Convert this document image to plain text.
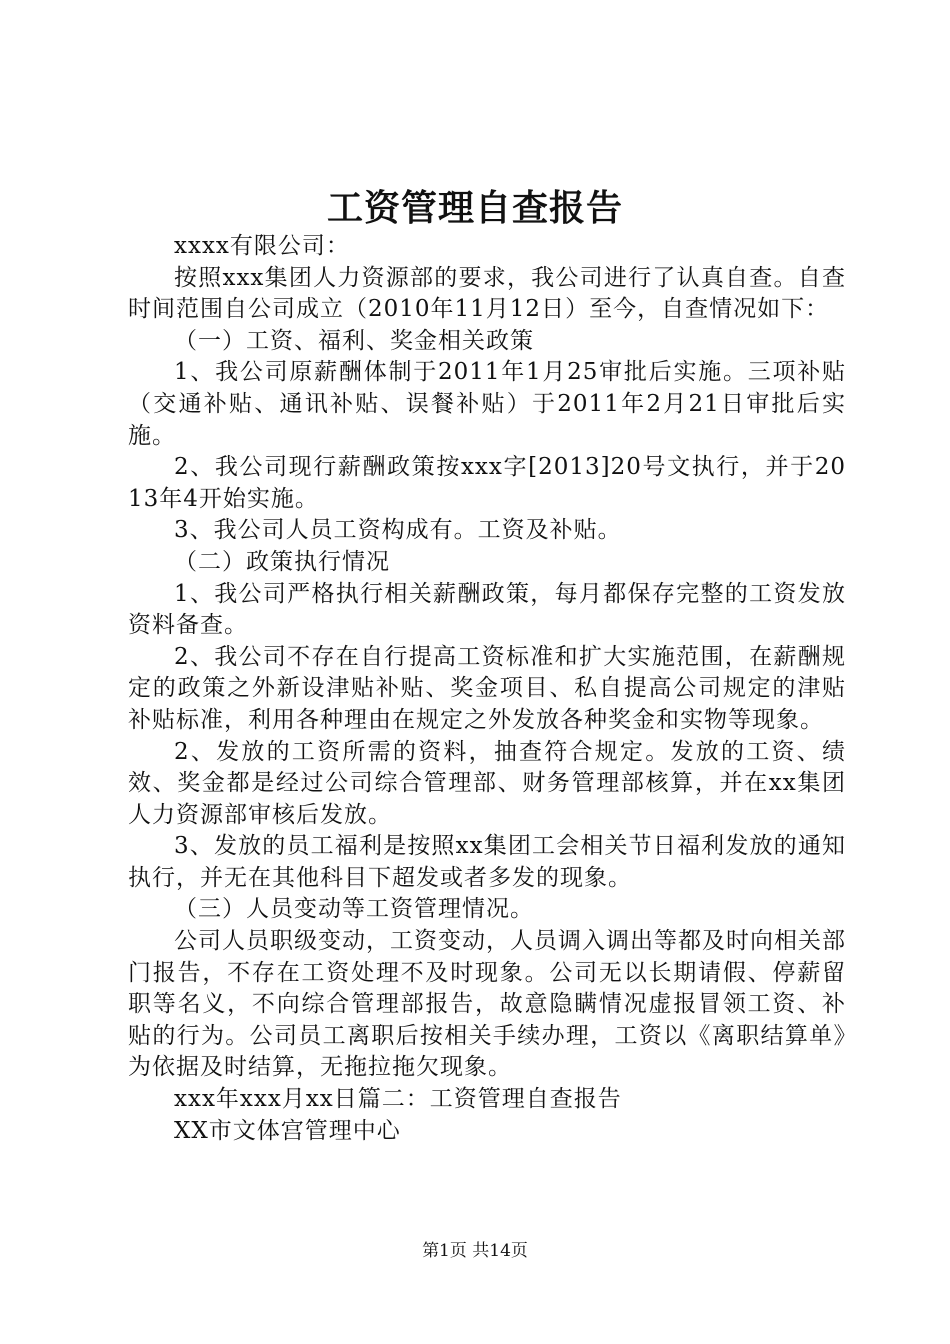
工资管理自查报告

xxxx有限公司：

按照xxx集团人力资源部的要求，我公司进行了认真自查。自查时间范围自公司成立（2010年11月12日）至今，自查情况如下：

（一）工资、福利、奖金相关政策

1、我公司原薪酬体制于2011年1月25审批后实施。三项补贴（交通补贴、通讯补贴、误餐补贴）于2011年2月21日审批后实施。

2、我公司现行薪酬政策按xxx字[2013]20号文执行，并于2013年4开始实施。

3、我公司人员工资构成有。工资及补贴。

（二）政策执行情况

1、我公司严格执行相关薪酬政策，每月都保存完整的工资发放资料备查。

2、我公司不存在自行提高工资标准和扩大实施范围，在薪酬规定的政策之外新设津贴补贴、奖金项目、私自提高公司规定的津贴补贴标准，利用各种理由在规定之外发放各种奖金和实物等现象。

2、发放的工资所需的资料，抽查符合规定。发放的工资、绩效、奖金都是经过公司综合管理部、财务管理部核算，并在xx集团人力资源部审核后发放。

3、发放的员工福利是按照xx集团工会相关节日福利发放的通知执行，并无在其他科目下超发或者多发的现象。

（三）人员变动等工资管理情况。

公司人员职级变动，工资变动，人员调入调出等都及时向相关部门报告，不存在工资处理不及时现象。公司无以长期请假、停薪留职等名义，不向综合管理部报告，故意隐瞒情况虚报冒领工资、补贴的行为。公司员工离职后按相关手续办理，工资以《离职结算单》为依据及时结算，无拖拉拖欠现象。

xxx年xxx月xx日篇二：工资管理自查报告

XX市文体宫管理中心

第1页 共14页
